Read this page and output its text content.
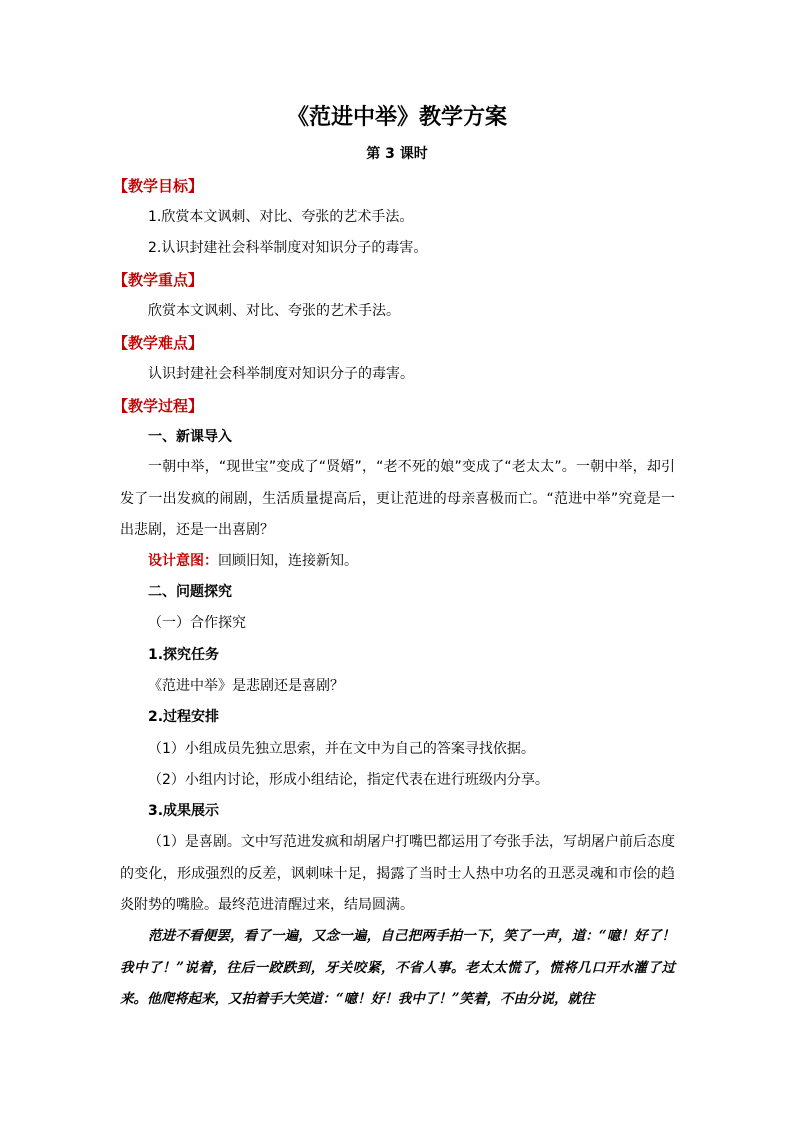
《范进中举》教学方案
第 3 课时
【教学目标】
1.欣赏本文讽刺、对比、夸张的艺术手法。
2.认识封建社会科举制度对知识分子的毒害。
【教学重点】
欣赏本文讽刺、对比、夸张的艺术手法。
【教学难点】
认识封建社会科举制度对知识分子的毒害。
【教学过程】
一、新课导入

一朝中举，“现世宝”变成了“贤婿”，“老不死的娘”变成了“老太太”。一朝中举，却引发了一出发疯的闹剧，生活质量提高后，更让范进的母亲喜极而亡。“范进中举”究竟是一出悲剧，还是一出喜剧？

设计意图：回顾旧知，连接新知。
二、问题探究
（一）合作探究
1.探究任务
《范进中举》是悲剧还是喜剧？
2.过程安排
（1）小组成员先独立思索，并在文中为自己的答案寻找依据。
（2）小组内讨论，形成小组结论，指定代表在进行班级内分享。
3.成果展示

（1）是喜剧。文中写范进发疯和胡屠户打嘴巴都运用了夸张手法，写胡屠户前后态度的变化，形成强烈的反差，讽刺味十足，揭露了当时士人热中功名的丑恶灵魂和市侩的趋炎附势的嘴脸。最终范进清醒过来，结局圆满。

范进不看便罢，看了一遍，又念一遍，自己把两手拍一下，笑了一声，道：“噫！好了！我中了！”说着，往后一跤跌到，牙关咬紧，不省人事。老太太慌了，慌将几口开水灌了过来。他爬将起来，又拍着手大笑道：“噫！好！我中了！”笑着，不由分说，就往
